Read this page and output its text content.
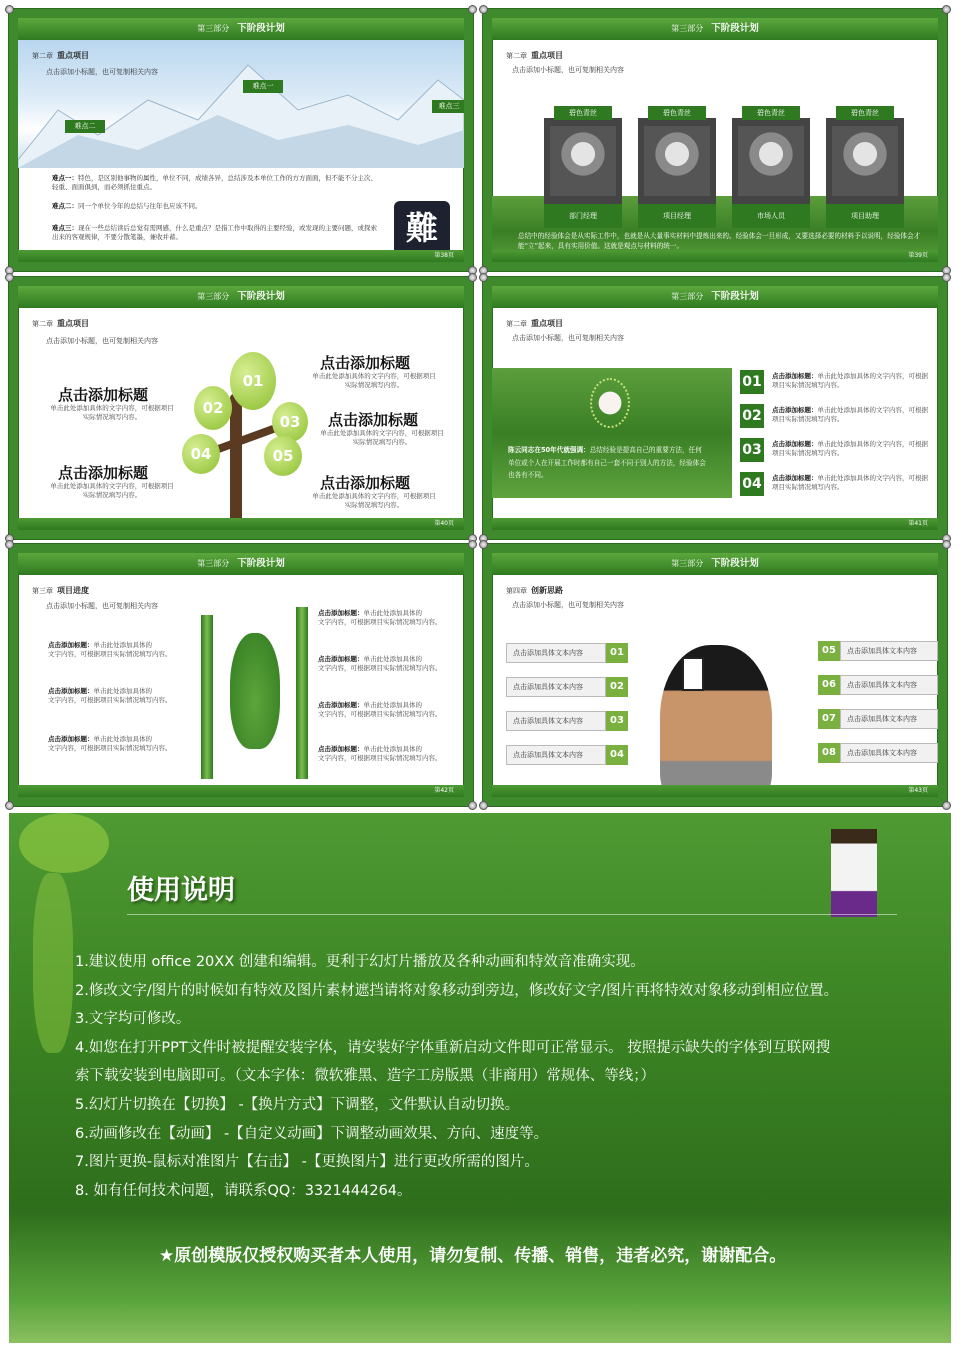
第三部分 下阶段计划
难点二
难点一
难点三
第二章 重点项目
点击添加小标题，也可复制相关内容
难点一：特色，是区别他事物的属性，单位不同，成绩各异，总结涉及本单位工作的方方面面，但不能不分主次、轻重、面面俱到，而必须抓住重点。
难点二：同一个单位今年的总结与往年也应该不同。
难点三：现在一些总结读后总觉有需网感，什么是重点？是指工作中取得的主要经验，或发现的主要问题，或探索出来的客观规律，不要分散笔墨，兼收并蓄。	難
第38页
第三部分 下阶段计划
第二章 重点项目
点击添加小标题，也可复制相关内容
碧色青丝
部门经理
碧色青丝
项目经理
碧色青丝
市场人员
碧色青丝
项目助理
总结中的经验体会是从实际工作中，也就是从大量事实材料中提炼出来的。经验体会一旦形成，又要选择必要的材料予以说明，经验体会才能“立”起来，具有实用价值。这就是观点与材料的统一。
第39页
第三部分 下阶段计划
第二章 重点项目
点击添加小标题，也可复制相关内容
点击添加标题
单击此处添加具体的文字内容，可根据项目实际情况填写内容。
点击添加标题
单击此处添加具体的文字内容，可根据项目实际情况填写内容。
点击添加标题
单击此处添加具体的文字内容，可根据项目实际情况填写内容。
点击添加标题
单击此处添加具体的文字内容，可根据项目实际情况填写内容。
点击添加标题
单击此处添加具体的文字内容，可根据项目实际情况填写内容。
01
02
03
04	05
第40页
第三部分 下阶段计划
第二章 重点项目
点击添加小标题，也可复制相关内容
陈云同志在50年代就强调：总结经验是提高自己的重要方法，任何单位或个人在开展工作时都有自己一套不同于别人的方法，经验体会也各有不同。
01 点击添加标题：单击此处添加具体的文字内容，可根据项目实际情况填写内容。
02 点击添加标题：单击此处添加具体的文字内容，可根据项目实际情况填写内容。
03 点击添加标题：单击此处添加具体的文字内容，可根据项目实际情况填写内容。
04 点击添加标题：单击此处添加具体的文字内容，可根据项目实际情况填写内容。
第41页
第三部分 下阶段计划
第三章 项目进度
点击添加小标题，也可复制相关内容
点击添加标题：单击此处添加具体的
文字内容，可根据项目实际情况填写内容。
点击添加标题：单击此处添加具体的
文字内容，可根据项目实际情况填写内容。
点击添加标题：单击此处添加具体的
文字内容，可根据项目实际情况填写内容。
点击添加标题：单击此处添加具体的
文字内容，可根据项目实际情况填写内容。
点击添加标题：单击此处添加具体的
文字内容，可根据项目实际情况填写内容。
点击添加标题：单击此处添加具体的
文字内容，可根据项目实际情况填写内容。
点击添加标题：单击此处添加具体的
文字内容，可根据项目实际情况填写内容。
第42页
第三部分 下阶段计划
第四章 创新思路
点击添加小标题，也可复制相关内容
点击添加具体文本内容	01
点击添加具体文本内容	02
点击添加具体文本内容	03
点击添加具体文本内容	04
05	点击添加具体文本内容
06	点击添加具体文本内容
07	点击添加具体文本内容
08	点击添加具体文本内容
第43页
使用说明
1.建议使用 office 20XX 创建和编辑。更利于幻灯片播放及各种动画和特效音准确实现。
2.修改文字/图片的时候如有特效及图片素材遮挡请将对象移动到旁边，修改好文字/图片再将特效对象移动到相应位置。
3.文字均可修改。
4.如您在打开PPT文件时被提醒安装字体，请安装好字体重新启动文件即可正常显示。 按照提示缺失的字体到互联网搜
索下载安装到电脑即可。（文本字体：微软雅黑、造字工房版黑（非商用）常规体、等线；）
5.幻灯片切换在【切换】 -【换片方式】下调整，文件默认自动切换。
6.动画修改在【动画】 -【自定义动画】下调整动画效果、方向、速度等。
7.图片更换-鼠标对准图片【右击】 -【更换图片】进行更改所需的图片。
8. 如有任何技术问题，请联系QQ：3321444264。
★原创模版仅授权购买者本人使用，请勿复制、传播、销售，违者必究，谢谢配合。
